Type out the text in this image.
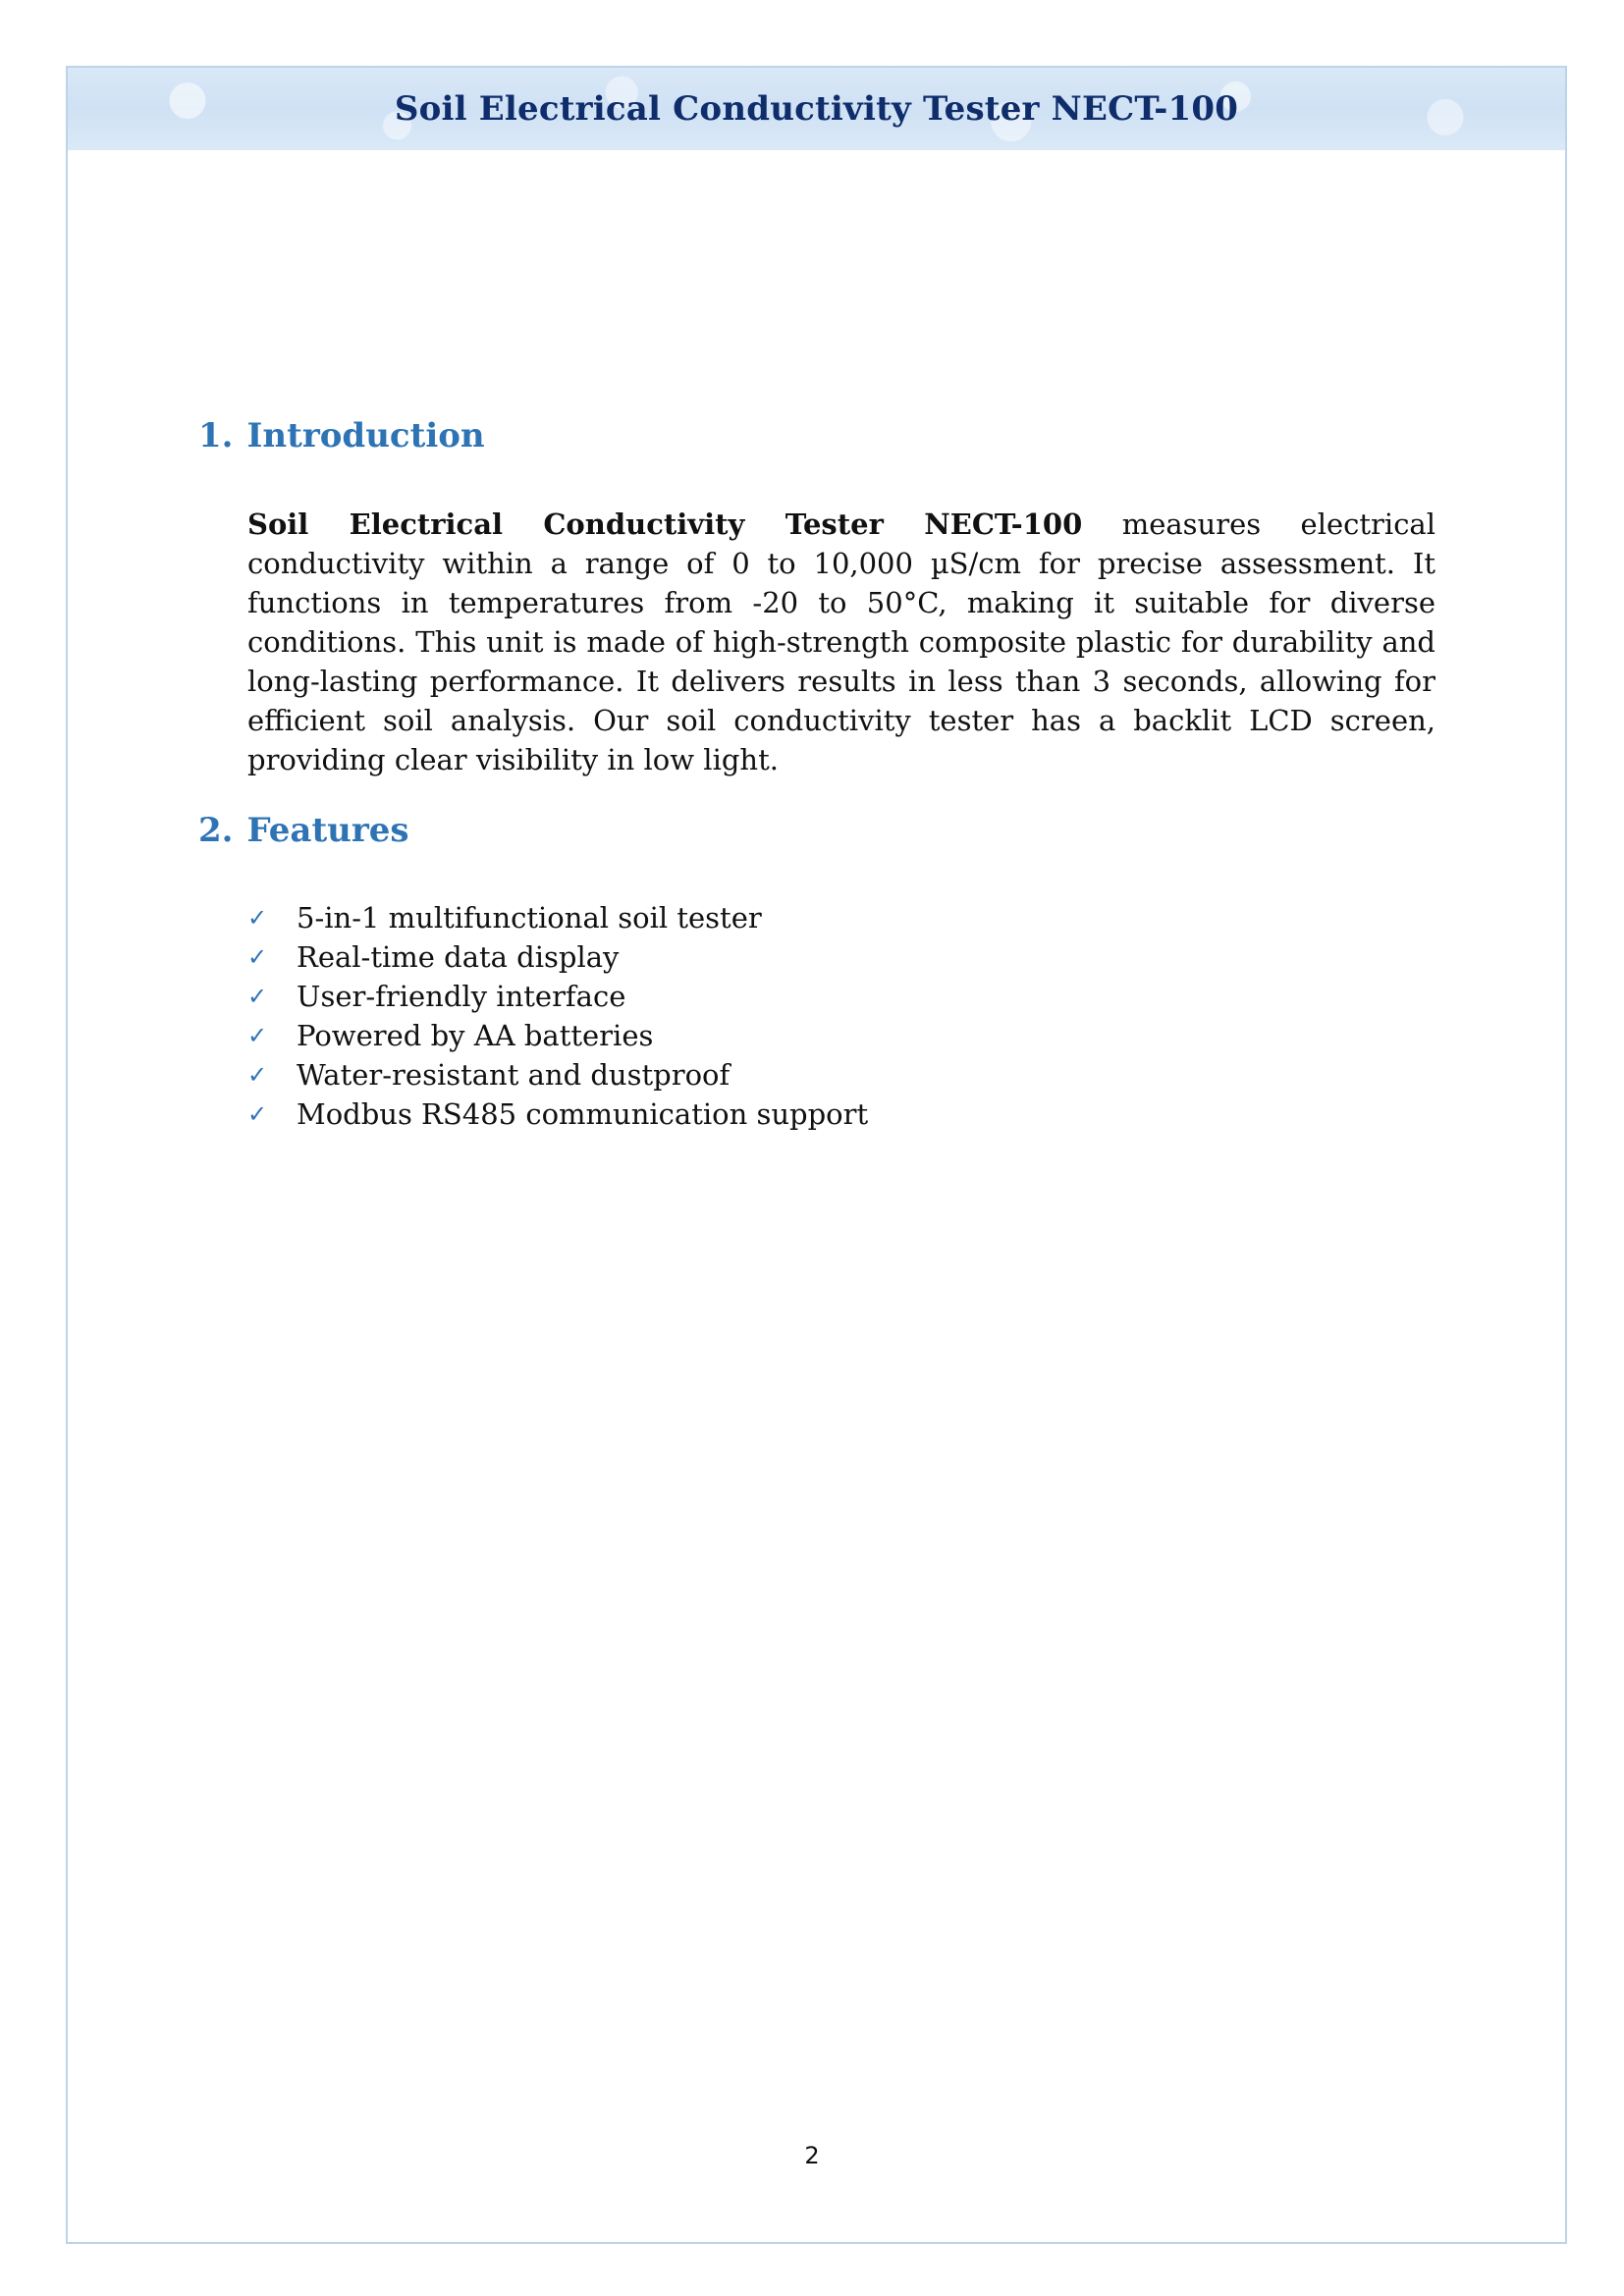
Soil Electrical Conductivity Tester NECT-100
1. Introduction

Soil Electrical Conductivity Tester NECT-100 measures electrical conductivity within a range of 0 to 10,000 µS/cm for precise assessment. It functions in temperatures from -20 to 50°C, making it suitable for diverse conditions. This unit is made of high-strength composite plastic for durability and long-lasting performance. It delivers results in less than 3 seconds, allowing for efficient soil analysis. Our soil conductivity tester has a backlit LCD screen, providing clear visibility in low light.

2. Features
✓	5-in-1 multifunctional soil tester
✓	Real-time data display
✓	User-friendly interface
✓	Powered by AA batteries
✓	Water-resistant and dustproof
✓	Modbus RS485 communication support
2
